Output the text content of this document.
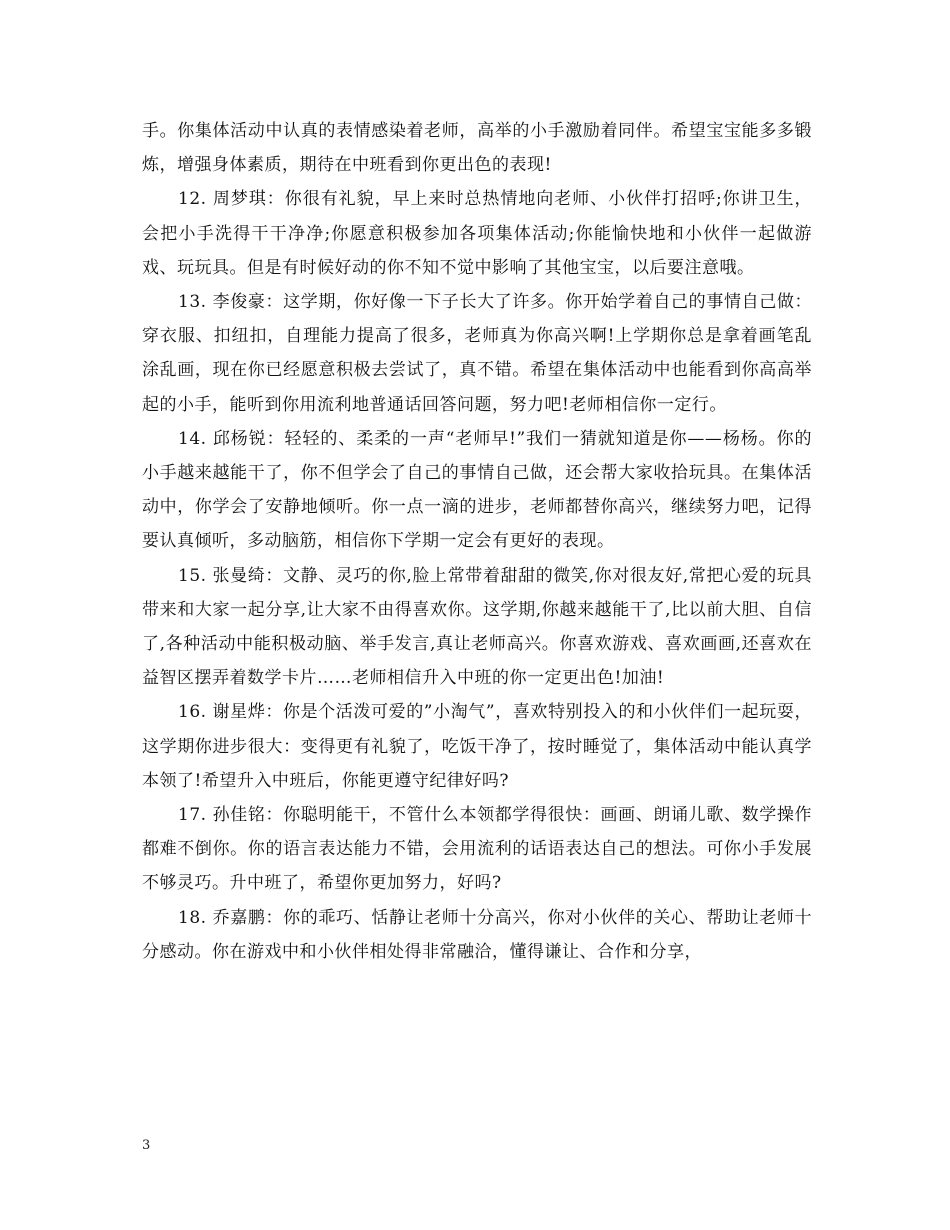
手。你集体活动中认真的表情感染着老师，高举的小手激励着同伴。希望宝宝能多多锻炼，增强身体素质，期待在中班看到你更出色的表现!

12. 周梦琪：你很有礼貌，早上来时总热情地向老师、小伙伴打招呼;你讲卫生，会把小手洗得干干净净;你愿意积极参加各项集体活动;你能愉快地和小伙伴一起做游戏、玩玩具。但是有时候好动的你不知不觉中影响了其他宝宝，以后要注意哦。

13. 李俊豪：这学期，你好像一下子长大了许多。你开始学着自己的事情自己做：穿衣服、扣纽扣，自理能力提高了很多，老师真为你高兴啊!上学期你总是拿着画笔乱涂乱画，现在你已经愿意积极去尝试了，真不错。希望在集体活动中也能看到你高高举起的小手，能听到你用流利地普通话回答问题，努力吧!老师相信你一定行。

14. 邱杨锐：轻轻的、柔柔的一声“老师早!”我们一猜就知道是你——杨杨。你的小手越来越能干了，你不但学会了自己的事情自己做，还会帮大家收拾玩具。在集体活动中，你学会了安静地倾听。你一点一滴的进步，老师都替你高兴，继续努力吧，记得要认真倾听，多动脑筋，相信你下学期一定会有更好的表现。

15. 张曼绮：文静、灵巧的你,脸上常带着甜甜的微笑,你对很友好,常把心爱的玩具带来和大家一起分享,让大家不由得喜欢你。这学期,你越来越能干了,比以前大胆、自信了,各种活动中能积极动脑、举手发言,真让老师高兴。你喜欢游戏、喜欢画画,还喜欢在益智区摆弄着数学卡片……老师相信升入中班的你一定更出色!加油!

16. 谢星烨：你是个活泼可爱的”小淘气”，喜欢特别投入的和小伙伴们一起玩耍，这学期你进步很大：变得更有礼貌了，吃饭干净了，按时睡觉了，集体活动中能认真学本领了!希望升入中班后，你能更遵守纪律好吗?

17. 孙佳铭：你聪明能干，不管什么本领都学得很快：画画、朗诵儿歌、数学操作都难不倒你。你的语言表达能力不错，会用流利的话语表达自己的想法。可你小手发展不够灵巧。升中班了，希望你更加努力，好吗?

18. 乔嘉鹏：你的乖巧、恬静让老师十分高兴，你对小伙伴的关心、帮助让老师十分感动。你在游戏中和小伙伴相处得非常融洽，懂得谦让、合作和分享，

3
